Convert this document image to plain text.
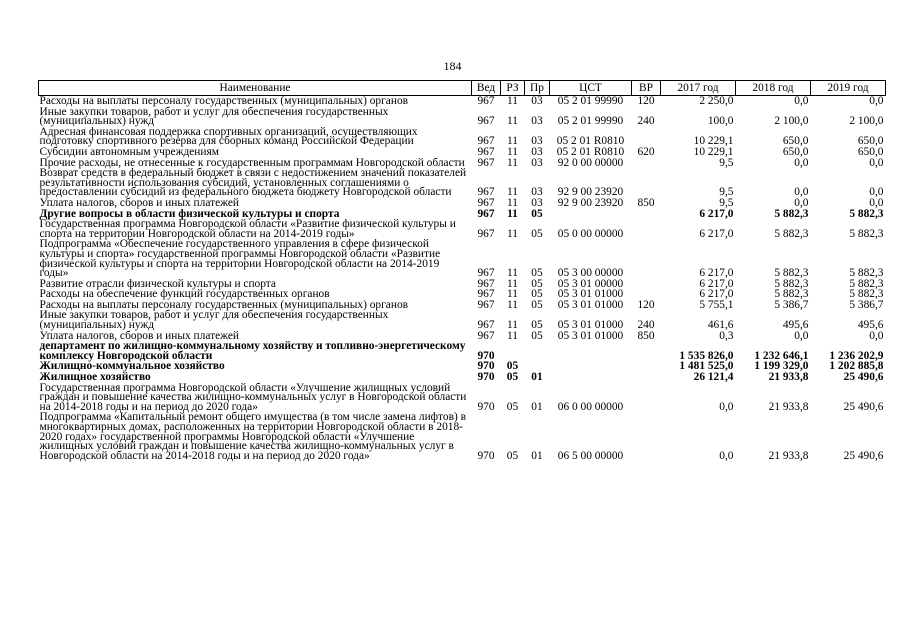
184
Наименование	Вед	РЗ	Пр	ЦСТ	ВР	2017 год	2018 год	2019 год
Расходы на выплаты персоналу государственных (муниципальных) органов	967	11	03	05 2 01 99990	120	2 250,0	0,0	0,0
Иные закупки товаров, работ и услуг для обеспечения государственных (муниципальных) нужд	967	11	03	05 2 01 99990	240	100,0	2 100,0	2 100,0
Адресная финансовая поддержка спортивных организаций, осуществляющих подготовку спортивного резерва для сборных команд Российской Федерации	967	11	03	05 2 01 R0810		10 229,1	650,0	650,0
Субсидии автономным учреждениям	967	11	03	05 2 01 R0810	620	10 229,1	650,0	650,0
Прочие расходы, не отнесенные к государственным программам Новгородской области	967	11	03	92 0 00 00000		9,5	0,0	0,0
Возврат средств в федеральный бюджет в связи с недостижением значений показателей результативности использования субсидий, установленных соглашениями о предоставлении субсидий из федерального бюджета бюджету Новгородской области	967	11	03	92 9 00 23920		9,5	0,0	0,0
Уплата налогов, сборов и иных платежей	967	11	03	92 9 00 23920	850	9,5	0,0	0,0
Другие вопросы в области физической культуры и спорта	967	11	05			6 217,0	5 882,3	5 882,3
Государственная программа Новгородской области «Развитие физической культуры и спорта на территории Новгородской области на 2014-2019 годы»	967	11	05	05 0 00 00000		6 217,0	5 882,3	5 882,3
Подпрограмма «Обеспечение государственного управления в сфере физической культуры и спорта» государственной программы Новгородской области «Развитие физической культуры и спорта на территории Новгородской области на 2014-2019 годы»	967	11	05	05 3 00 00000		6 217,0	5 882,3	5 882,3
Развитие отрасли физической культуры и спорта	967	11	05	05 3 01 00000		6 217,0	5 882,3	5 882,3
Расходы на обеспечение функций государственных органов	967	11	05	05 3 01 01000		6 217,0	5 882,3	5 882,3
Расходы на выплаты персоналу государственных (муниципальных) органов	967	11	05	05 3 01 01000	120	5 755,1	5 386,7	5 386,7
Иные закупки товаров, работ и услуг для обеспечения государственных (муниципальных) нужд	967	11	05	05 3 01 01000	240	461,6	495,6	495,6
Уплата налогов, сборов и иных платежей	967	11	05	05 3 01 01000	850	0,3	0,0	0,0
департамент по жилищно-коммунальному хозяйству и топливно-энергетическому комплексу Новгородской области	970					1 535 826,0	1 232 646,1	1 236 202,9
Жилищно-коммунальное хозяйство	970	05				1 481 525,0	1 199 329,0	1 202 885,8
Жилищное хозяйство	970	05	01			26 121,4	21 933,8	25 490,6
Государственная программа Новгородской области «Улучшение жилищных условий граждан и повышение качества жилищно-коммунальных услуг в Новгородской области на 2014-2018 годы и на период до 2020 года»	970	05	01	06 0 00 00000		0,0	21 933,8	25 490,6
Подпрограмма «Капитальный ремонт общего имущества (в том числе замена лифтов) в многоквартирных домах, расположенных на территории Новгородской области в 2018-2020 годах» государственной программы Новгородской области «Улучшение жилищных условий граждан и повышение качества жилищно-коммунальных услуг в Новгородской области на 2014-2018 годы и на период до 2020 года»	970	05	01	06 5 00 00000		0,0	21 933,8	25 490,6
